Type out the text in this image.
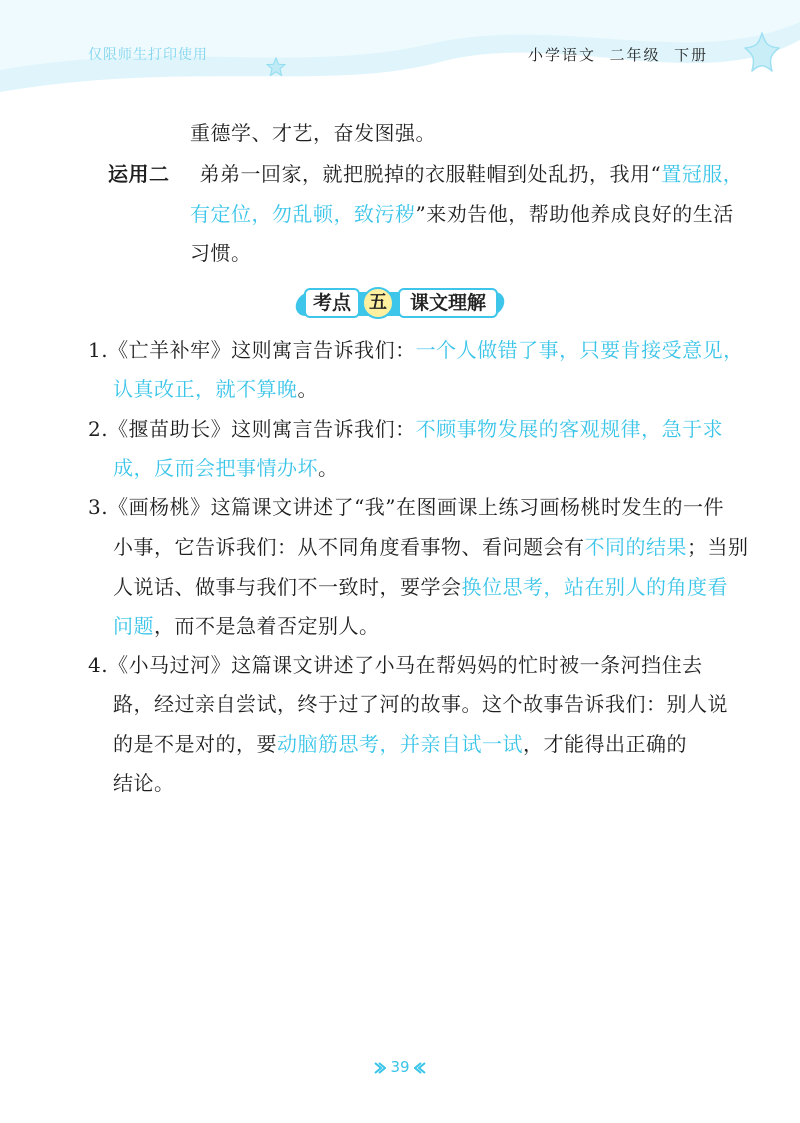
仅限师生打印使用	小学语文  二年级  下册
重德学、才艺，奋发图强。
运用二 弟弟一回家，就把脱掉的衣服鞋帽到处乱扔，我用“置冠服，
有定位，勿乱顿，致污秽”来劝告他，帮助他养成良好的生活
习惯。
考点	五	课文理解
1.《亡羊补牢》这则寓言告诉我们：一个人做错了事，只要肯接受意见，
认真改正，就不算晚。
2.《揠苗助长》这则寓言告诉我们：不顾事物发展的客观规律，急于求
成，反而会把事情办坏。
3.《画杨桃》这篇课文讲述了“我”在图画课上练习画杨桃时发生的一件
小事，它告诉我们：从不同角度看事物、看问题会有不同的结果；当别
人说话、做事与我们不一致时，要学会换位思考，站在别人的角度看
问题，而不是急着否定别人。
4.《小马过河》这篇课文讲述了小马在帮妈妈的忙时被一条河挡住去
路，经过亲自尝试，终于过了河的故事。这个故事告诉我们：别人说
的是不是对的，要动脑筋思考，并亲自试一试，才能得出正确的
结论。
39
